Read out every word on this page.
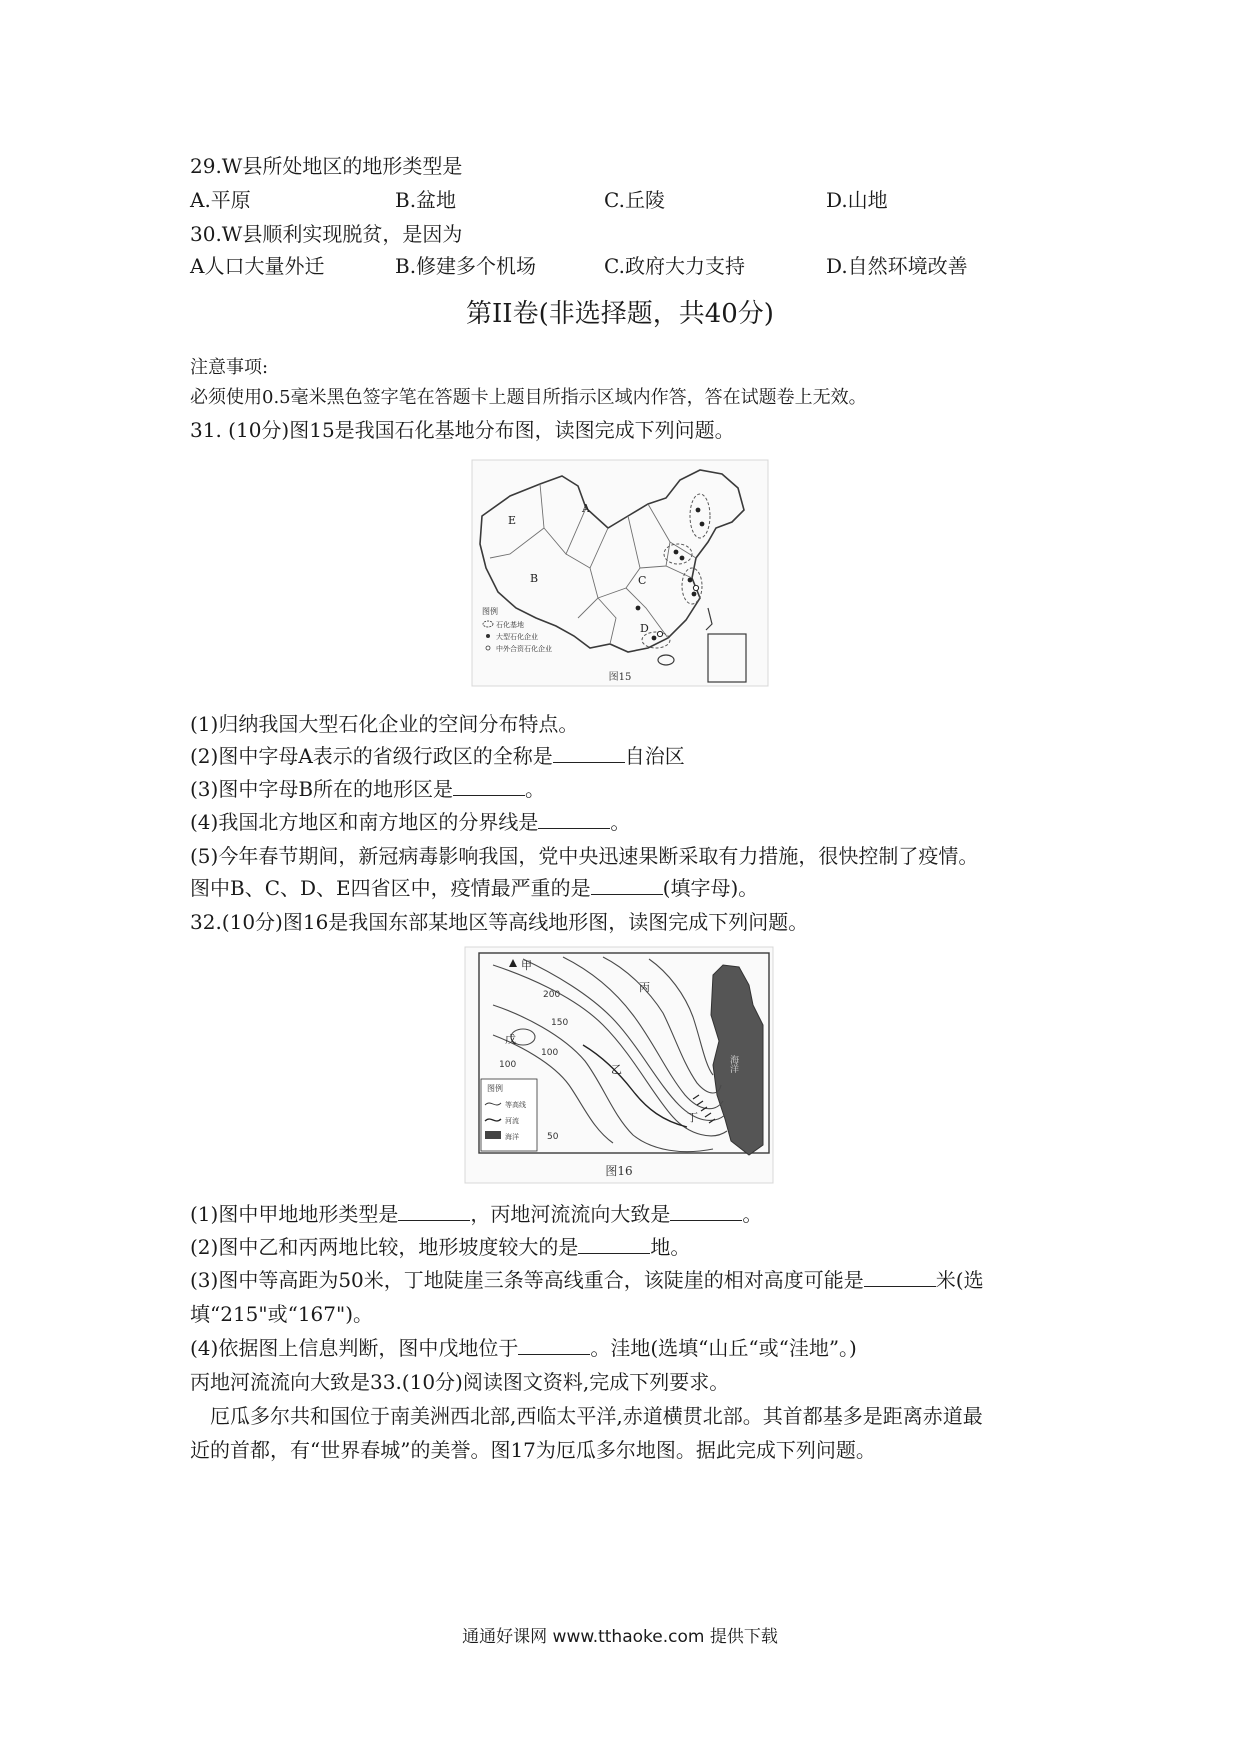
29.W县所处地区的地形类型是
A.平原	B.盆地	C.丘陵	D.山地
30.W县顺利实现脱贫，是因为
A人口大量外迁	B.修建多个机场	C.政府大力支持	D.自然环境改善
第II卷(非选择题，共40分)
注意事项:
必须使用0.5毫米黑色签字笔在答题卡上题目所指示区域内作答，答在试题卷上无效。
31. (10分)图15是我国石化基地分布图，读图完成下列问题。
A
B	C
D
E
图例
石化基地
大型石化企业
中外合资石化企业
图15
(1)归纳我国大型石化企业的空间分布特点。
(2)图中字母A表示的省级行政区的全称是	自治区
(3)图中字母B所在的地形区是	。
(4)我国北方地区和南方地区的分界线是	。
(5)今年春节期间，新冠病毒影响我国，党中央迅速果断采取有力措施，很快控制了疫情。
图中B、C、D、E四省区中，疫情最严重的是	(填字母)。
32.(10分)图16是我国东部某地区等高线地形图，读图完成下列问题。
甲
乙
丙
丁
戊
200
150
100
100
50
海洋
图例
等高线
河流
海洋
图16
(1)图中甲地地形类型是	，丙地河流流向大致是	。
(2)图中乙和丙两地比较，地形坡度较大的是	地。
(3)图中等高距为50米，丁地陡崖三条等高线重合，该陡崖的相对高度可能是	米(选
填“215"或“167")。
(4)依据图上信息判断，图中戊地位于	。洼地(选填“山丘“或“洼地”。)
丙地河流流向大致是33.(10分)阅读图文资料,完成下列要求。
厄瓜多尔共和国位于南美洲西北部,西临太平洋,赤道横贯北部。其首都基多是距离赤道最
近的首都，有“世界春城”的美誉。图17为厄瓜多尔地图。据此完成下列问题。
通通好课网 www.tthaoke.com 提供下载
